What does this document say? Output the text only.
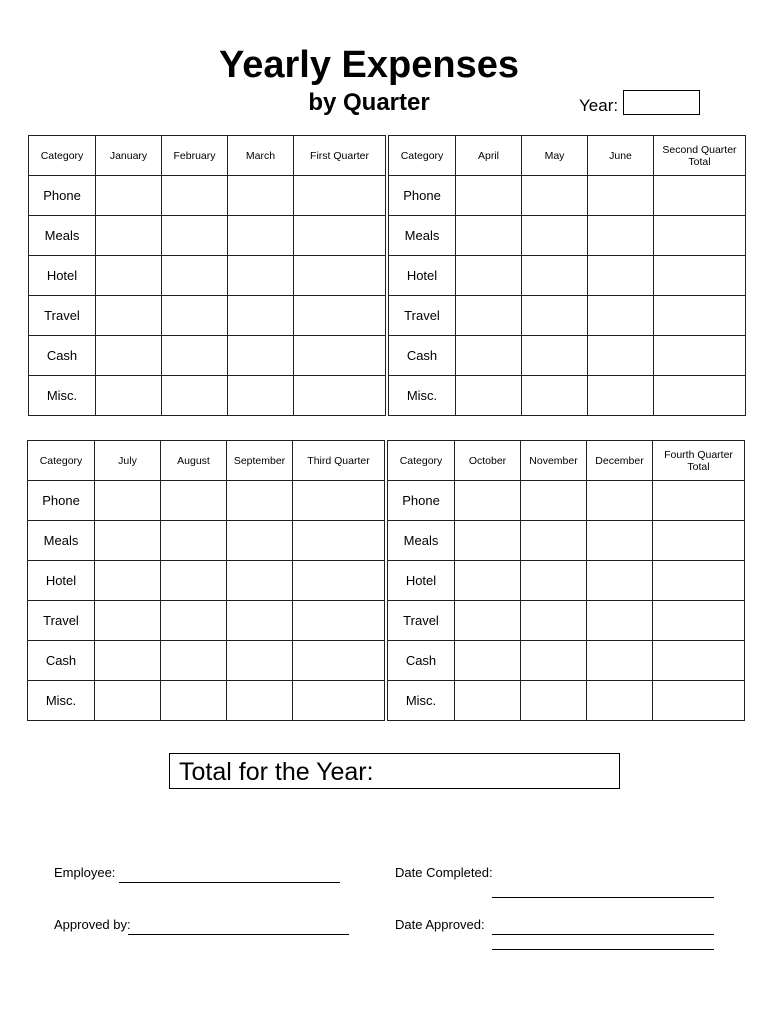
Yearly Expenses
by Quarter	Year:
Category	January	February	March	First Quarter
Phone				
Meals				
Hotel				
Travel				
Cash				
Misc.				
Category	April	May	June	Second Quarter Total
Phone				
Meals				
Hotel				
Travel				
Cash				
Misc.				
Category	July	August	September	Third Quarter
Phone				
Meals				
Hotel				
Travel				
Cash				
Misc.				
Category	October	November	December	Fourth Quarter Total
Phone				
Meals				
Hotel				
Travel				
Cash				
Misc.				
Total for the Year:
Employee:	Date Completed:
Approved by:	Date Approved:
